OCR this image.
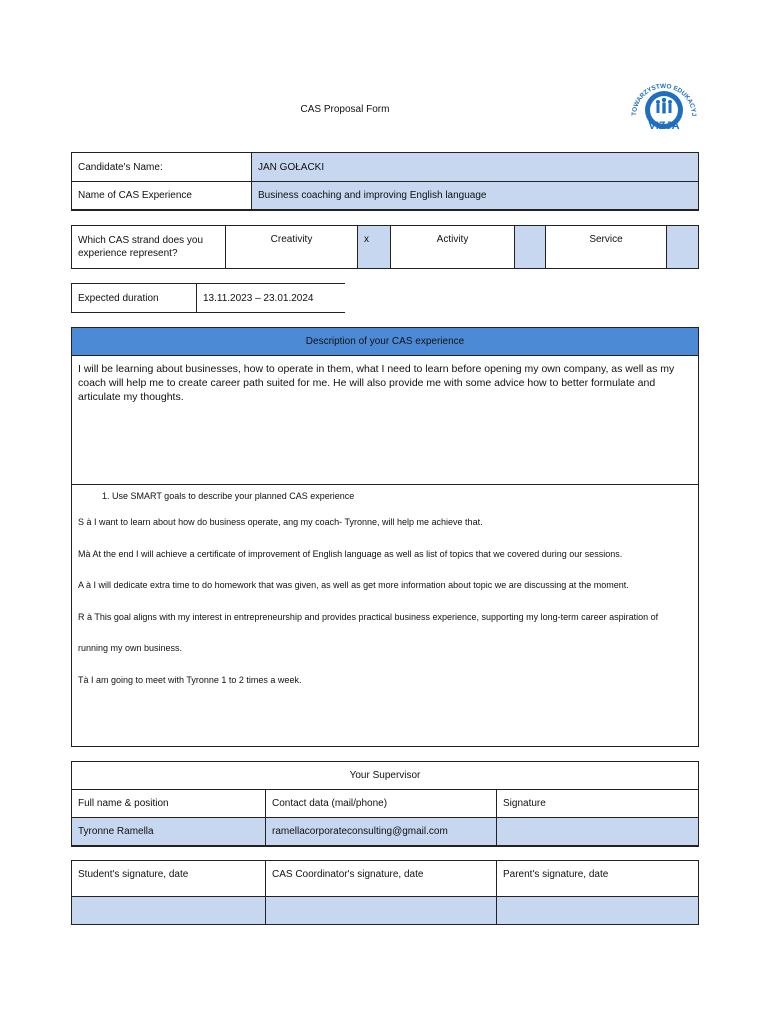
CAS Proposal Form	TOWARZYSTWO EDUKACYJ
VIZJA
Candidate's Name:	JAN GOŁACKI
Name of CAS Experience	Business coaching and improving English language
Which CAS strand does you experience represent?	Creativity	x	Activity		Service	
Expected duration	13.11.2023 – 23.01.2024
Description of your CAS experience
I will be learning about businesses, how to operate in them, what I need to learn before opening my own company, as well as my coach will help me to create career path suited for me. He will also provide me with some advice how to better formulate and articulate my thoughts.

1. Use SMART goals to describe your planned CAS experience

S à I want to learn about how do business operate, ang my coach- Tyronne, will help me achieve that.

Mà At the end I will achieve a certificate of improvement of English language as well as list of topics that we covered during our sessions.

A à I will dedicate extra time to do homework that was given, as well as get more information about topic we are discussing at the moment.

R à This goal aligns with my interest in entrepreneurship and provides practical business experience, supporting my long-term career aspiration of

running my own business.

Tà I am going to meet with Tyronne 1 to 2 times a week.

Your Supervisor		
Full name & position	Contact data (mail/phone)	Signature
Tyronne Ramella	ramellacorporateconsulting@gmail.com	
Student's signature, date	CAS Coordinator's signature, date	Parent's signature, date
